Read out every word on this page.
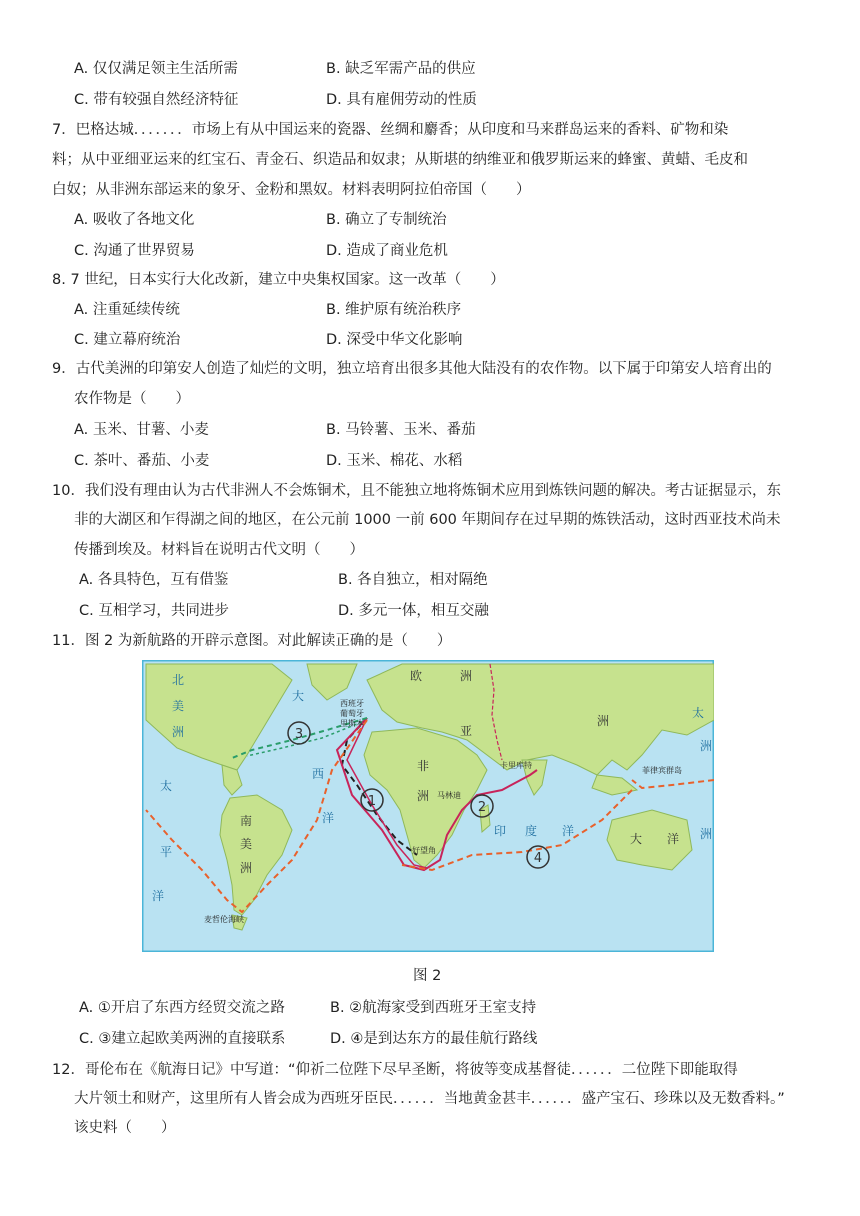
A. 仅仅满足领主生活所需	B. 缺乏军需产品的供应
C. 带有较强自然经济特征	D. 具有雇佣劳动的性质
7．巴格达城．．．．．．．市场上有从中国运来的瓷器、丝绸和麝香；从印度和马来群岛运来的香料、矿物和染
料；从中亚细亚运来的红宝石、青金石、织造品和奴隶；从斯堪的纳维亚和俄罗斯运来的蜂蜜、黄蜡、毛皮和
白奴；从非洲东部运来的象牙、金粉和黑奴。材料表明阿拉伯帝国（　　）
A. 吸收了各地文化	B. 确立了专制统治
C. 沟通了世界贸易	D. 造成了商业危机
8. 7 世纪，日本实行大化改新，建立中央集权国家。这一改革（　　）
A. 注重延续传统	B. 维护原有统治秩序
C. 建立幕府统治	D. 深受中华文化影响
9．古代美洲的印第安人创造了灿烂的文明，独立培育出很多其他大陆没有的农作物。以下属于印第安人培育出的
农作物是（　　）
A. 玉米、甘薯、小麦	B. 马铃薯、玉米、番茄
C. 茶叶、番茄、小麦	D. 玉米、棉花、水稻
10．我们没有理由认为古代非洲人不会炼铜术，且不能独立地将炼铜术应用到炼铁问题的解决。考古证据显示，东
非的大湖区和乍得湖之间的地区，在公元前 1000 一前 600 年期间存在过早期的炼铁活动，这时西亚技术尚未
传播到埃及。材料旨在说明古代文明（　　）
A. 各具特色，互有借鉴	B. 各自独立，相对隔绝
C. 互相学习，共同进步	D. 多元一体，相互交融
11．图 2 为新航路的开辟示意图。对此解读正确的是（　　）
3
1	2
4
北
美
洲
大
西
洋
太
平
洋
南
美
洲
欧	洲
亚
洲
非
洲
印 度 洋
大 洋 洲
太
洲
西班牙
葡萄牙
里斯本
卡里库特
马林迪
好望角
菲律宾群岛
麦哲伦海峡
图 2
A. ①开启了东西方经贸交流之路	B. ②航海家受到西班牙王室支持
C. ③建立起欧美两洲的直接联系	D. ④是到达东方的最佳航行路线
12．哥伦布在《航海日记》中写道：“仰祈二位陛下尽早圣断，将彼等变成基督徒．．．．．．二位陛下即能取得
大片领土和财产，这里所有人皆会成为西班牙臣民．．．．．．当地黄金甚丰．．．．．．盛产宝石、珍珠以及无数香料。”
该史料（　　）
